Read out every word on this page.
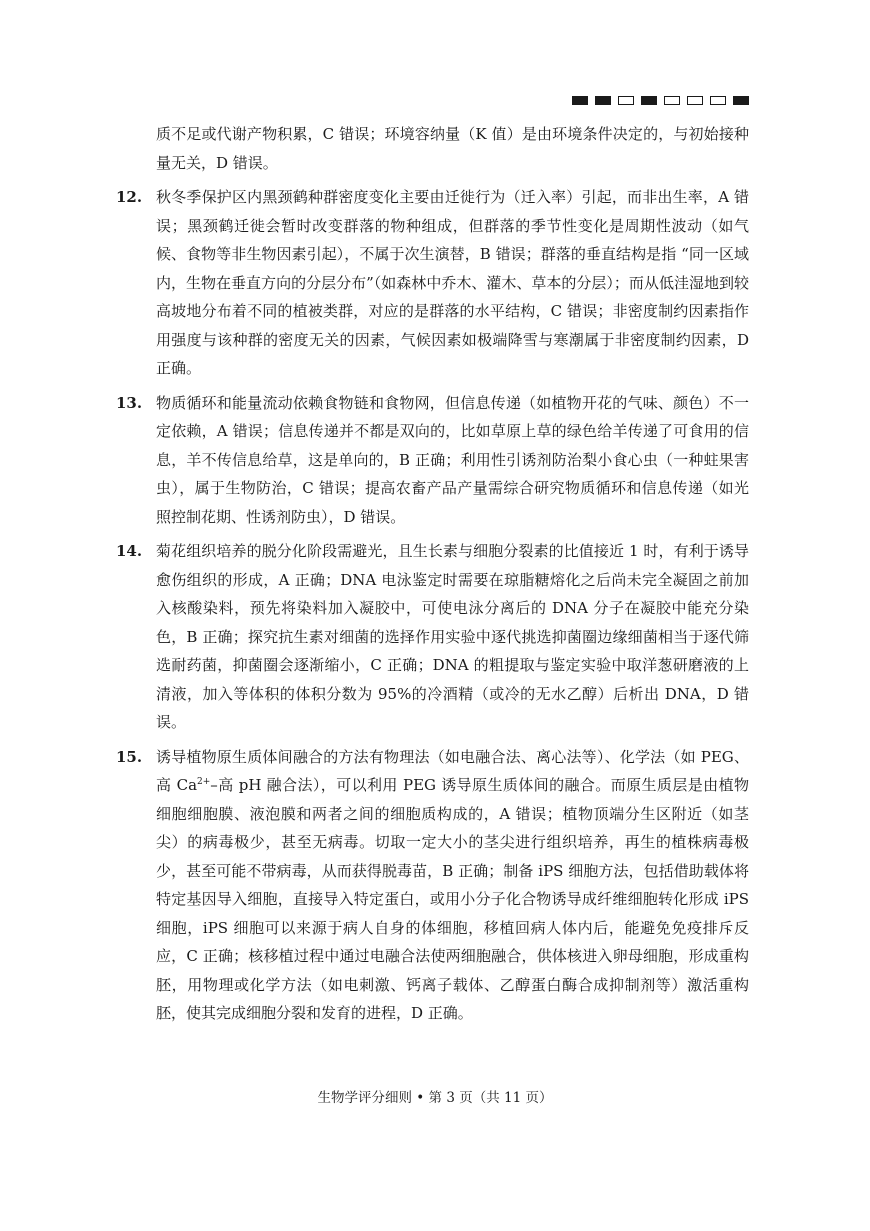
质不足或代谢产物积累，C 错误；环境容纳量（K 值）是由环境条件决定的，与初始接种量无关，D 错误。

12. 秋冬季保护区内黑颈鹤种群密度变化主要由迁徙行为（迁入率）引起，而非出生率，A 错误；黑颈鹤迁徙会暂时改变群落的物种组成，但群落的季节性变化是周期性波动（如气候、食物等非生物因素引起），不属于次生演替，B 错误；群落的垂直结构是指 “同一区域内，生物在垂直方向的分层分布”（如森林中乔木、灌木、草本的分层）；而从低洼湿地到较高坡地分布着不同的植被类群，对应的是群落的水平结构，C 错误；非密度制约因素指作用强度与该种群的密度无关的因素，气候因素如极端降雪与寒潮属于非密度制约因素，D 正确。

13. 物质循环和能量流动依赖食物链和食物网，但信息传递（如植物开花的气味、颜色）不一定依赖，A 错误；信息传递并不都是双向的，比如草原上草的绿色给羊传递了可食用的信息，羊不传信息给草，这是单向的，B 正确；利用性引诱剂防治梨小食心虫（一种蛀果害虫），属于生物防治，C 错误；提高农畜产品产量需综合研究物质循环和信息传递（如光照控制花期、性诱剂防虫），D 错误。

14. 菊花组织培养的脱分化阶段需避光，且生长素与细胞分裂素的比值接近 1 时，有利于诱导愈伤组织的形成，A 正确；DNA 电泳鉴定时需要在琼脂糖熔化之后尚未完全凝固之前加入核酸染料，预先将染料加入凝胶中，可使电泳分离后的 DNA 分子在凝胶中能充分染色，B 正确；探究抗生素对细菌的选择作用实验中逐代挑选抑菌圈边缘细菌相当于逐代筛选耐药菌，抑菌圈会逐渐缩小，C 正确；DNA 的粗提取与鉴定实验中取洋葱研磨液的上清液，加入等体积的体积分数为 95%的冷酒精（或冷的无水乙醇）后析出 DNA，D 错误。

15. 诱导植物原生质体间融合的方法有物理法（如电融合法、离心法等）、化学法（如 PEG、高 $Ca^{2+}-$高 pH 融合法），可以利用 PEG 诱导原生质体间的融合。而原生质层是由植物细胞细胞膜、液泡膜和两者之间的细胞质构成的，A 错误；植物顶端分生区附近（如茎尖）的病毒极少，甚至无病毒。切取一定大小的茎尖进行组织培养，再生的植株病毒极少，甚至可能不带病毒，从而获得脱毒苗，B 正确；制备 iPS 细胞方法，包括借助载体将特定基因导入细胞，直接导入特定蛋白，或用小分子化合物诱导成纤维细胞转化形成 iPS 细胞，iPS 细胞可以来源于病人自身的体细胞，移植回病人体内后，能避免免疫排斥反应，C 正确；核移植过程中通过电融合法使两细胞融合，供体核进入卵母细胞，形成重构胚，用物理或化学方法（如电刺激、钙离子载体、乙醇蛋白酶合成抑制剂等）激活重构胚，使其完成细胞分裂和发育的进程，D 正确。

生物学评分细则 • 第 3 页（共 11 页）
